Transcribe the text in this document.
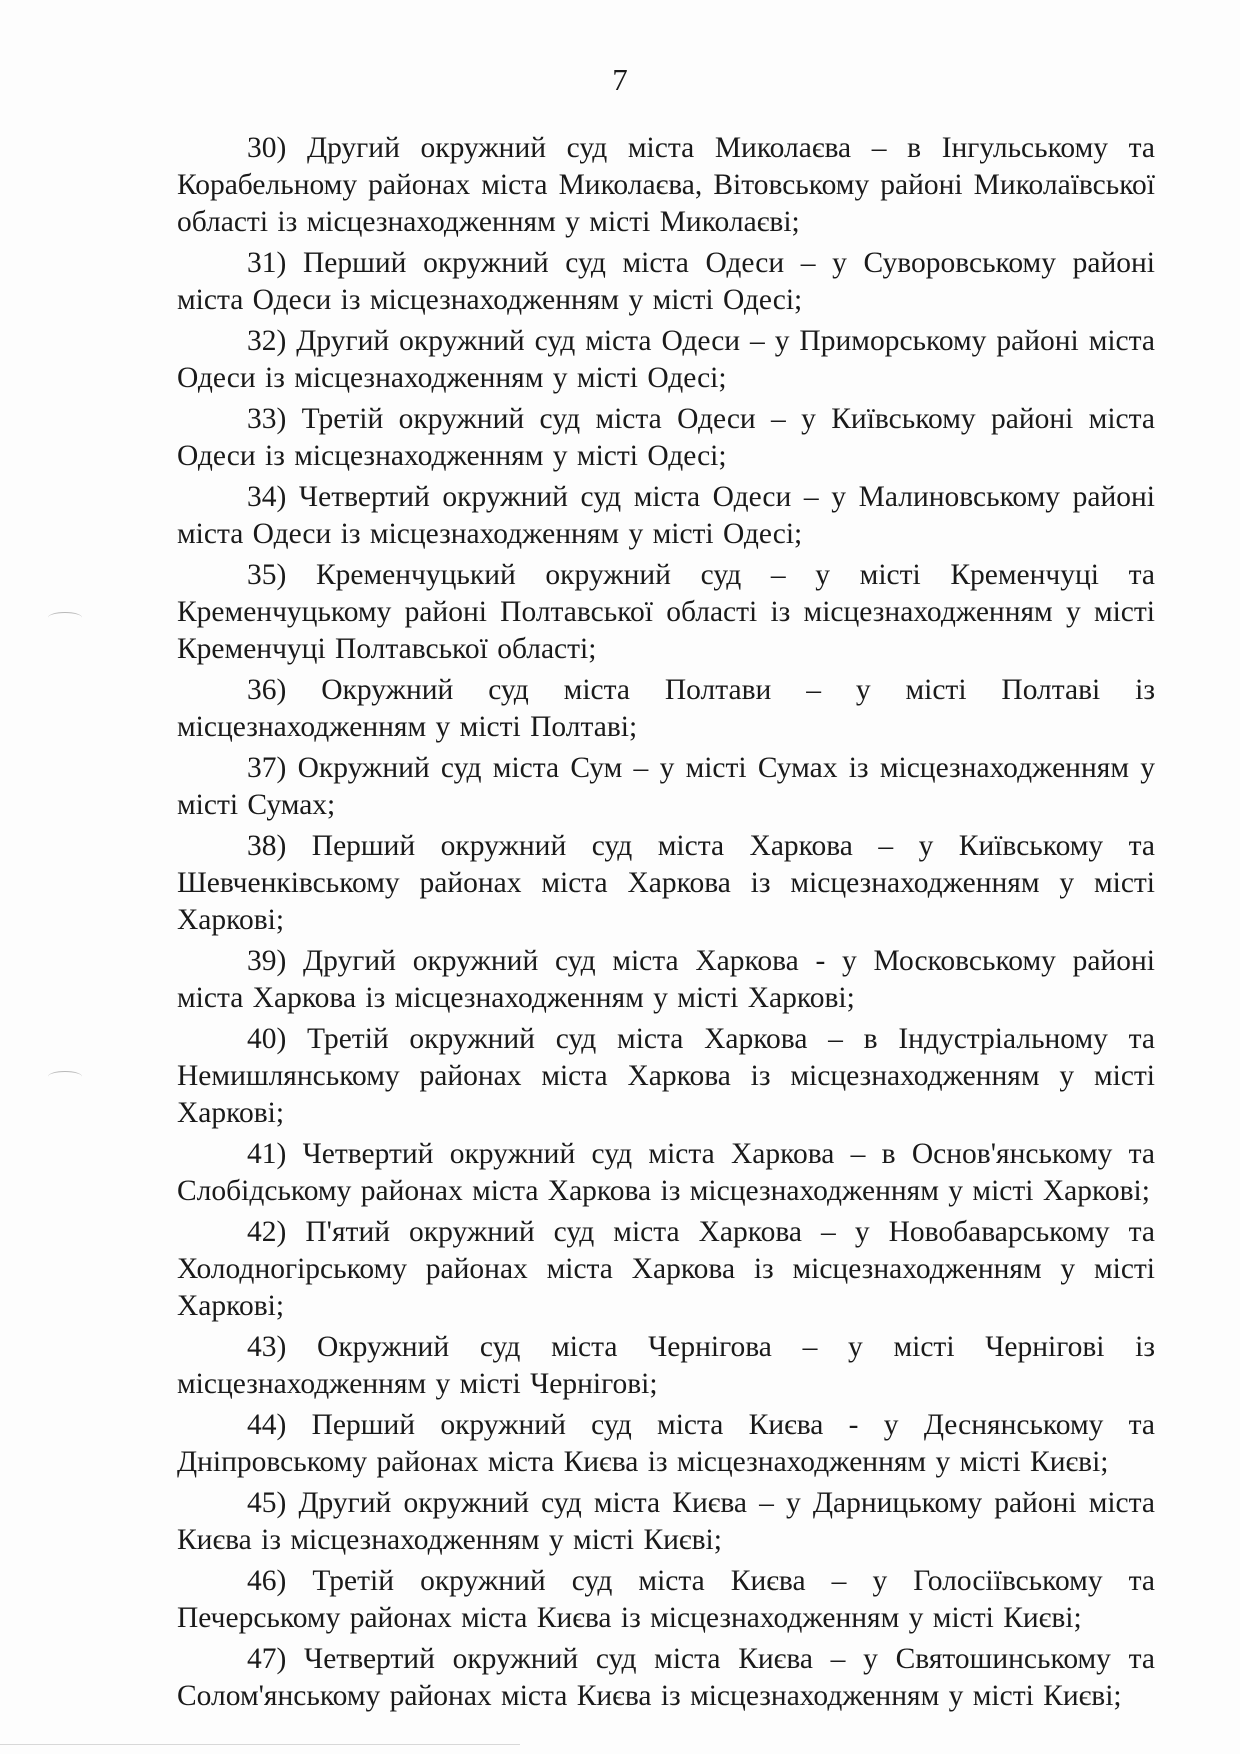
7

30) Другий окружний суд міста Миколаєва – в Інгульському та Корабельному районах міста Миколаєва, Вітовському районі Миколаївської області із місцезнаходженням у місті Миколаєві;

31) Перший окружний суд міста Одеси – у Суворовському районі міста Одеси із місцезнаходженням у місті Одесі;

32) Другий окружний суд міста Одеси – у Приморському районі міста Одеси із місцезнаходженням у місті Одесі;

33) Третій окружний суд міста Одеси – у Київському районі міста Одеси із місцезнаходженням у місті Одесі;

34) Четвертий окружний суд міста Одеси – у Малиновському районі міста Одеси із місцезнаходженням у місті Одесі;

35) Кременчуцький окружний суд – у місті Кременчуці та Кременчуцькому районі Полтавської області із місцезнаходженням у місті Кременчуці Полтавської області;

36) Окружний суд міста Полтави – у місті Полтаві із місцезнаходженням у місті Полтаві;

37) Окружний суд міста Сум – у місті Сумах із місцезнаходженням у місті Сумах;

38) Перший окружний суд міста Харкова – у Київському та Шевченківському районах міста Харкова із місцезнаходженням у місті Харкові;

39) Другий окружний суд міста Харкова - у Московському районі міста Харкова із місцезнаходженням у місті Харкові;

40) Третій окружний суд міста Харкова – в Індустріальному та Немишлянському районах міста Харкова із місцезнаходженням у місті Харкові;

41) Четвертий окружний суд міста Харкова – в Основ'янському та Слобідському районах міста Харкова із місцезнаходженням у місті Харкові;

42) П'ятий окружний суд міста Харкова – у Новобаварському та Холодногірському районах міста Харкова із місцезнаходженням у місті Харкові;

43) Окружний суд міста Чернігова – у місті Чернігові із місцезнаходженням у місті Чернігові;

44) Перший окружний суд міста Києва - у Деснянському та Дніпровському районах міста Києва із місцезнаходженням у місті Києві;

45) Другий окружний суд міста Києва – у Дарницькому районі міста Києва із місцезнаходженням у місті Києві;

46) Третій окружний суд міста Києва – у Голосіївському та Печерському районах міста Києва із місцезнаходженням у місті Києві;

47) Четвертий окружний суд міста Києва – у Святошинському та Солом'янському районах міста Києва із місцезнаходженням у місті Києві;
